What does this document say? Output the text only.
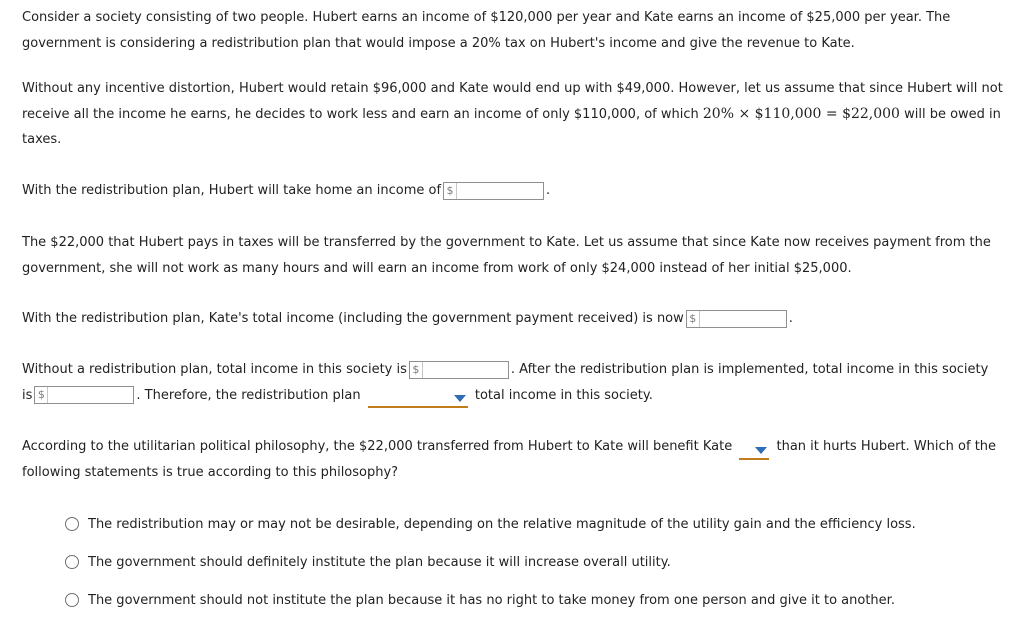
Consider a society consisting of two people. Hubert earns an income of $120,000 per year and Kate earns an income of $25,000 per year. The
government is considering a redistribution plan that would impose a 20% tax on Hubert's income and give the revenue to Kate.

Without any incentive distortion, Hubert would retain $96,000 and Kate would end up with $49,000. However, let us assume that since Hubert will not
receive all the income he earns, he decides to work less and earn an income of only $110,000, of which 20% × $110,000 = $22,000 will be owed in
taxes.

With the redistribution plan, Hubert will take home an income of $	.

The $22,000 that Hubert pays in taxes will be transferred by the government to Kate. Let us assume that since Kate now receives payment from the
government, she will not work as many hours and will earn an income from work of only $24,000 instead of her initial $25,000.

With the redistribution plan, Kate's total income (including the government payment received) is now $	.

Without a redistribution plan, total income in this society is $	. After the redistribution plan is implemented, total income in this society
is $	. Therefore, the redistribution plan	total income in this society.

According to the utilitarian political philosophy, the $22,000 transferred from Hubert to Kate will benefit Kate	than it hurts Hubert. Which of the
following statements is true according to this philosophy?

The redistribution may or may not be desirable, depending on the relative magnitude of the utility gain and the efficiency loss.
The government should definitely institute the plan because it will increase overall utility.
The government should not institute the plan because it has no right to take money from one person and give it to another.
